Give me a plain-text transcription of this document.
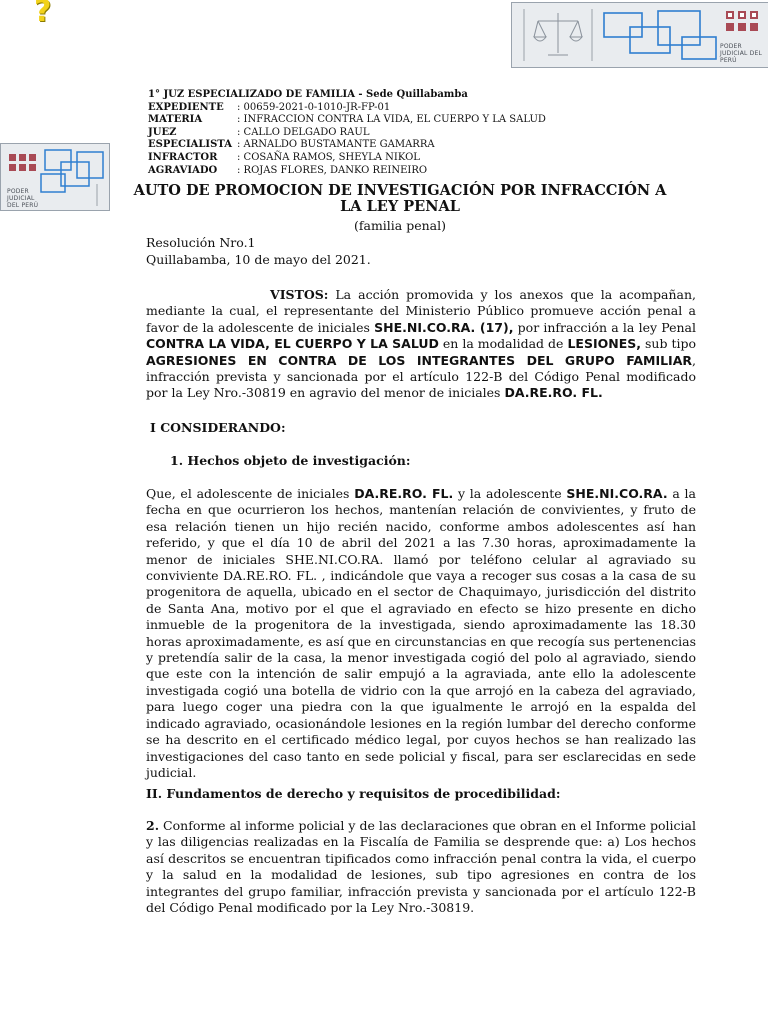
?
PODER JUDICIAL DEL PERÚ
PODER JUDICIAL DEL PERÚ
1° JUZ ESPECIALIZADO DE FAMILIA - Sede Quillabamba
EXPEDIENTE : 00659-2021-0-1010-JR-FP-01
MATERIA	: INFRACCION CONTRA LA VIDA, EL CUERPO Y LA SALUD
JUEZ	: CALLO DELGADO RAUL
ESPECIALISTA : ARNALDO BUSTAMANTE GAMARRA
INFRACTOR : COSAÑA RAMOS, SHEYLA NIKOL
AGRAVIADO : ROJAS FLORES, DANKO REINEIRO
AUTO DE PROMOCION DE INVESTIGACIÓN POR INFRACCIÓN A LA LEY PENAL
(familia penal)
Resolución Nro.1
Quillabamba, 10 de mayo del 2021.
VISTOS: La acción promovida y los anexos que la acompañan, mediante la cual, el representante del Ministerio Público promueve acción penal a favor de la adolescente de iniciales SHE.NI.CO.RA. (17), por infracción a la ley Penal CONTRA LA VIDA, EL CUERPO Y LA SALUD en la modalidad de LESIONES, sub tipo AGRESIONES EN CONTRA DE LOS INTEGRANTES DEL GRUPO FAMILIAR, infracción prevista y sancionada por el artículo 122-B del Código Penal modificado por la Ley Nro.-30819 en agravio del menor de iniciales DA.RE.RO. FL.
I CONSIDERANDO:
1. Hechos objeto de investigación:
Que, el adolescente de iniciales DA.RE.RO. FL. y la adolescente SHE.NI.CO.RA. a la fecha en que ocurrieron los hechos, mantenían relación de convivientes, y fruto de esa relación tienen un hijo recién nacido, conforme ambos adolescentes así han referido, y que el día 10 de abril del 2021 a las 7.30 horas, aproximadamente la menor de iniciales SHE.NI.CO.RA. llamó por teléfono celular al agraviado su conviviente DA.RE.RO. FL. , indicándole que vaya a recoger sus cosas a la casa de su progenitora de aquella, ubicado en el sector de Chaquimayo, jurisdicción del distrito de Santa Ana, motivo por el que el agraviado en efecto se hizo presente en dicho inmueble de la progenitora de la investigada, siendo aproximadamente las 18.30 horas aproximadamente, es así que en circunstancias en que recogía sus pertenencias y pretendía salir de la casa, la menor investigada cogió del polo al agraviado, siendo que este con la intención de salir empujó a la agraviada, ante ello la adolescente investigada cogió una botella de vidrio con la que arrojó en la cabeza del agraviado, para luego coger una piedra con la que igualmente le arrojó en la espalda del indicado agraviado, ocasionándole lesiones en la región lumbar del derecho conforme se ha descrito en el certificado médico legal, por cuyos hechos se han realizado las investigaciones del caso tanto en sede policial y fiscal, para ser esclarecidas en sede judicial.
II. Fundamentos de derecho y requisitos de procedibilidad:
2. Conforme al informe policial y de las declaraciones que obran en el Informe policial y las diligencias realizadas en la Fiscalía de Familia se desprende que: a) Los hechos así descritos se encuentran tipificados como infracción penal contra la vida, el cuerpo y la salud en la modalidad de lesiones, sub tipo agresiones en contra de los integrantes del grupo familiar, infracción prevista y sancionada por el artículo 122-B del Código Penal modificado por la Ley Nro.-30819.
